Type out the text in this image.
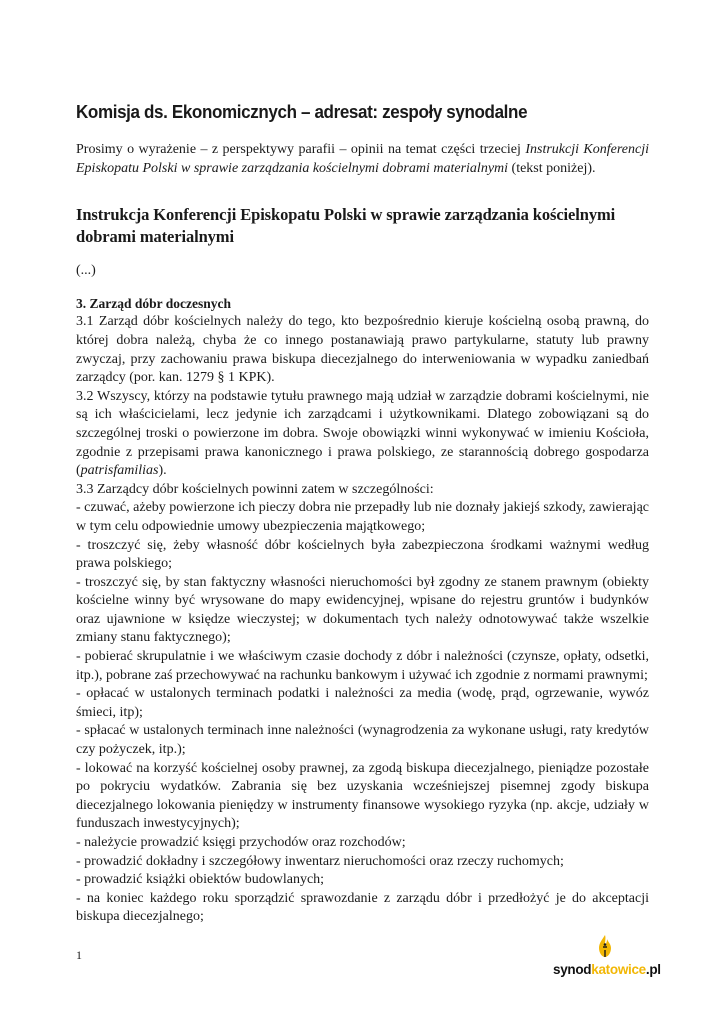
Komisja ds. Ekonomicznych – adresat: zespoły synodalne

Prosimy o wyrażenie – z perspektywy parafii – opinii na temat części trzeciej Instrukcji Konferencji Episkopatu Polski w sprawie zarządzania kościelnymi dobrami materialnymi (tekst poniżej).

Instrukcja Konferencji Episkopatu Polski w sprawie zarządzania kościelnymi dobrami materialnymi

(...)

3. Zarząd dóbr doczesnych

3.1 Zarząd dóbr kościelnych należy do tego, kto bezpośrednio kieruje kościelną osobą prawną, do której dobra należą, chyba że co innego postanawiają prawo partykularne, statuty lub prawny zwyczaj, przy zachowaniu prawa biskupa diecezjalnego do interweniowania w wypadku zaniedbań zarządcy (por. kan. 1279 § 1 KPK).

3.2 Wszyscy, którzy na podstawie tytułu prawnego mają udział w zarządzie dobrami kościelnymi, nie są ich właścicielami, lecz jedynie ich zarządcami i użytkownikami. Dlatego zobowiązani są do szczególnej troski o powierzone im dobra. Swoje obowiązki winni wykonywać w imieniu Kościoła, zgodnie z przepisami prawa kanonicznego i prawa polskiego, ze starannością dobrego gospodarza (patrisfamilias).

3.3 Zarządcy dóbr kościelnych powinni zatem w szczególności:

- czuwać, ażeby powierzone ich pieczy dobra nie przepadły lub nie doznały jakiejś szkody, zawierając w tym celu odpowiednie umowy ubezpieczenia majątkowego;

- troszczyć się, żeby własność dóbr kościelnych była zabezpieczona środkami ważnymi według prawa polskiego;

- troszczyć się, by stan faktyczny własności nieruchomości był zgodny ze stanem prawnym (obiekty kościelne winny być wrysowane do mapy ewidencyjnej, wpisane do rejestru gruntów i budynków oraz ujawnione w księdze wieczystej; w dokumentach tych należy odnotowywać także wszelkie zmiany stanu faktycznego);

- pobierać skrupulatnie i we właściwym czasie dochody z dóbr i należności (czynsze, opłaty, odsetki, itp.), pobrane zaś przechowywać na rachunku bankowym i używać ich zgodnie z normami prawnymi;

- opłacać w ustalonych terminach podatki i należności za media (wodę, prąd, ogrzewanie, wywóz śmieci, itp);

- spłacać w ustalonych terminach inne należności (wynagrodzenia za wykonane usługi, raty kredytów czy pożyczek, itp.);

- lokować na korzyść kościelnej osoby prawnej, za zgodą biskupa diecezjalnego, pieniądze pozostałe po pokryciu wydatków. Zabrania się bez uzyskania wcześniejszej pisemnej zgody biskupa diecezjalnego lokowania pieniędzy w instrumenty finansowe wysokiego ryzyka (np. akcje, udziały w funduszach inwestycyjnych);

- należycie prowadzić księgi przychodów oraz rozchodów;

- prowadzić dokładny i szczegółowy inwentarz nieruchomości oraz rzeczy ruchomych;

- prowadzić książki obiektów budowlanych;

- na koniec każdego roku sporządzić sprawozdanie z zarządu dóbr i przedłożyć je do akceptacji biskupa diecezjalnego;

1
synodkatowice.pl
